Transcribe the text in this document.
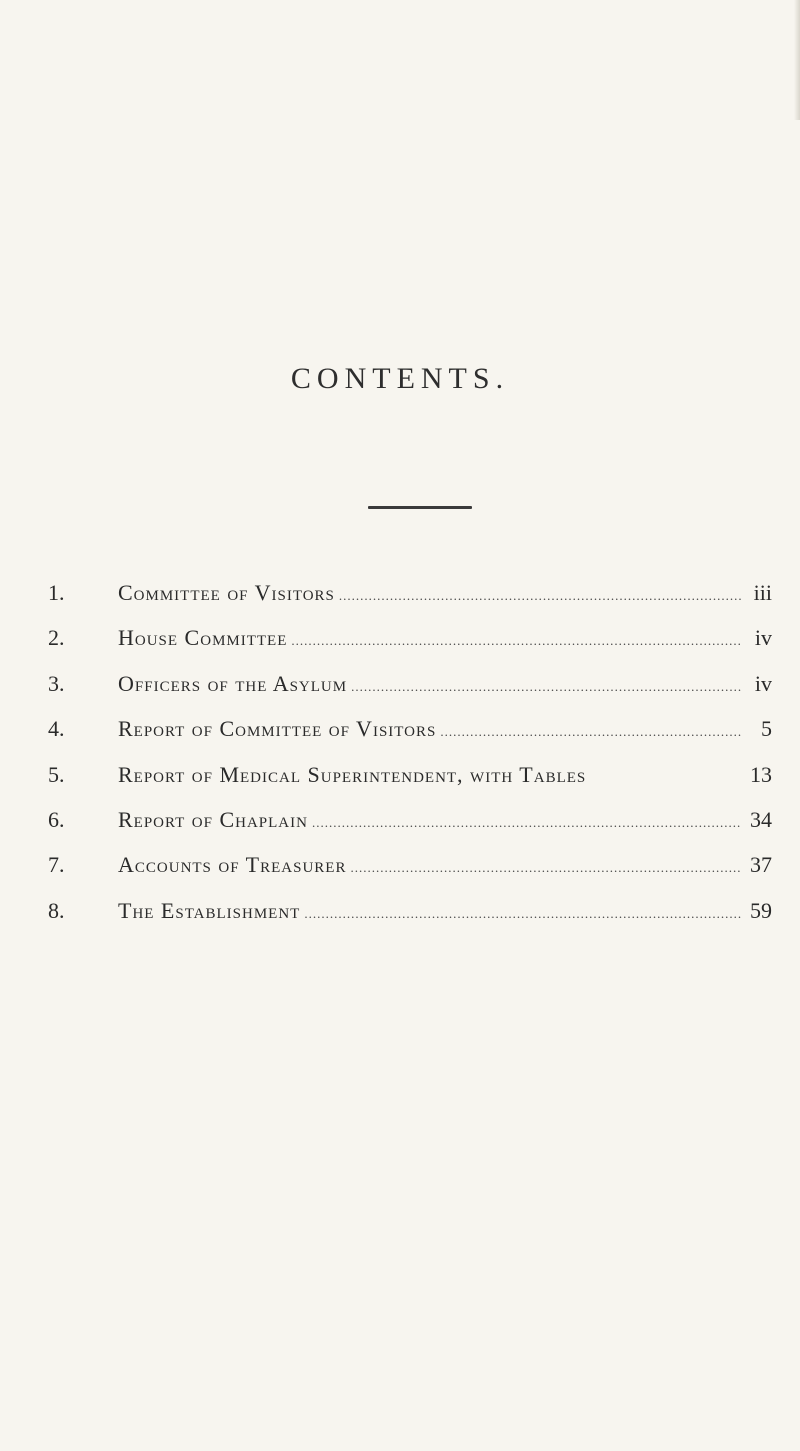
CONTENTS.
1.	Committee of Visitors .....	iii
2.	House Committee .....	iv
3.	Officers of the Asylum .....	iv
4.	Report of Committee of Visitors .....	5
5.	Report of Medical Superintendent, with Tables	13
6.	Report of Chaplain .....	34
7.	Accounts of Treasurer .....	37
8.	The Establishment .....	59
